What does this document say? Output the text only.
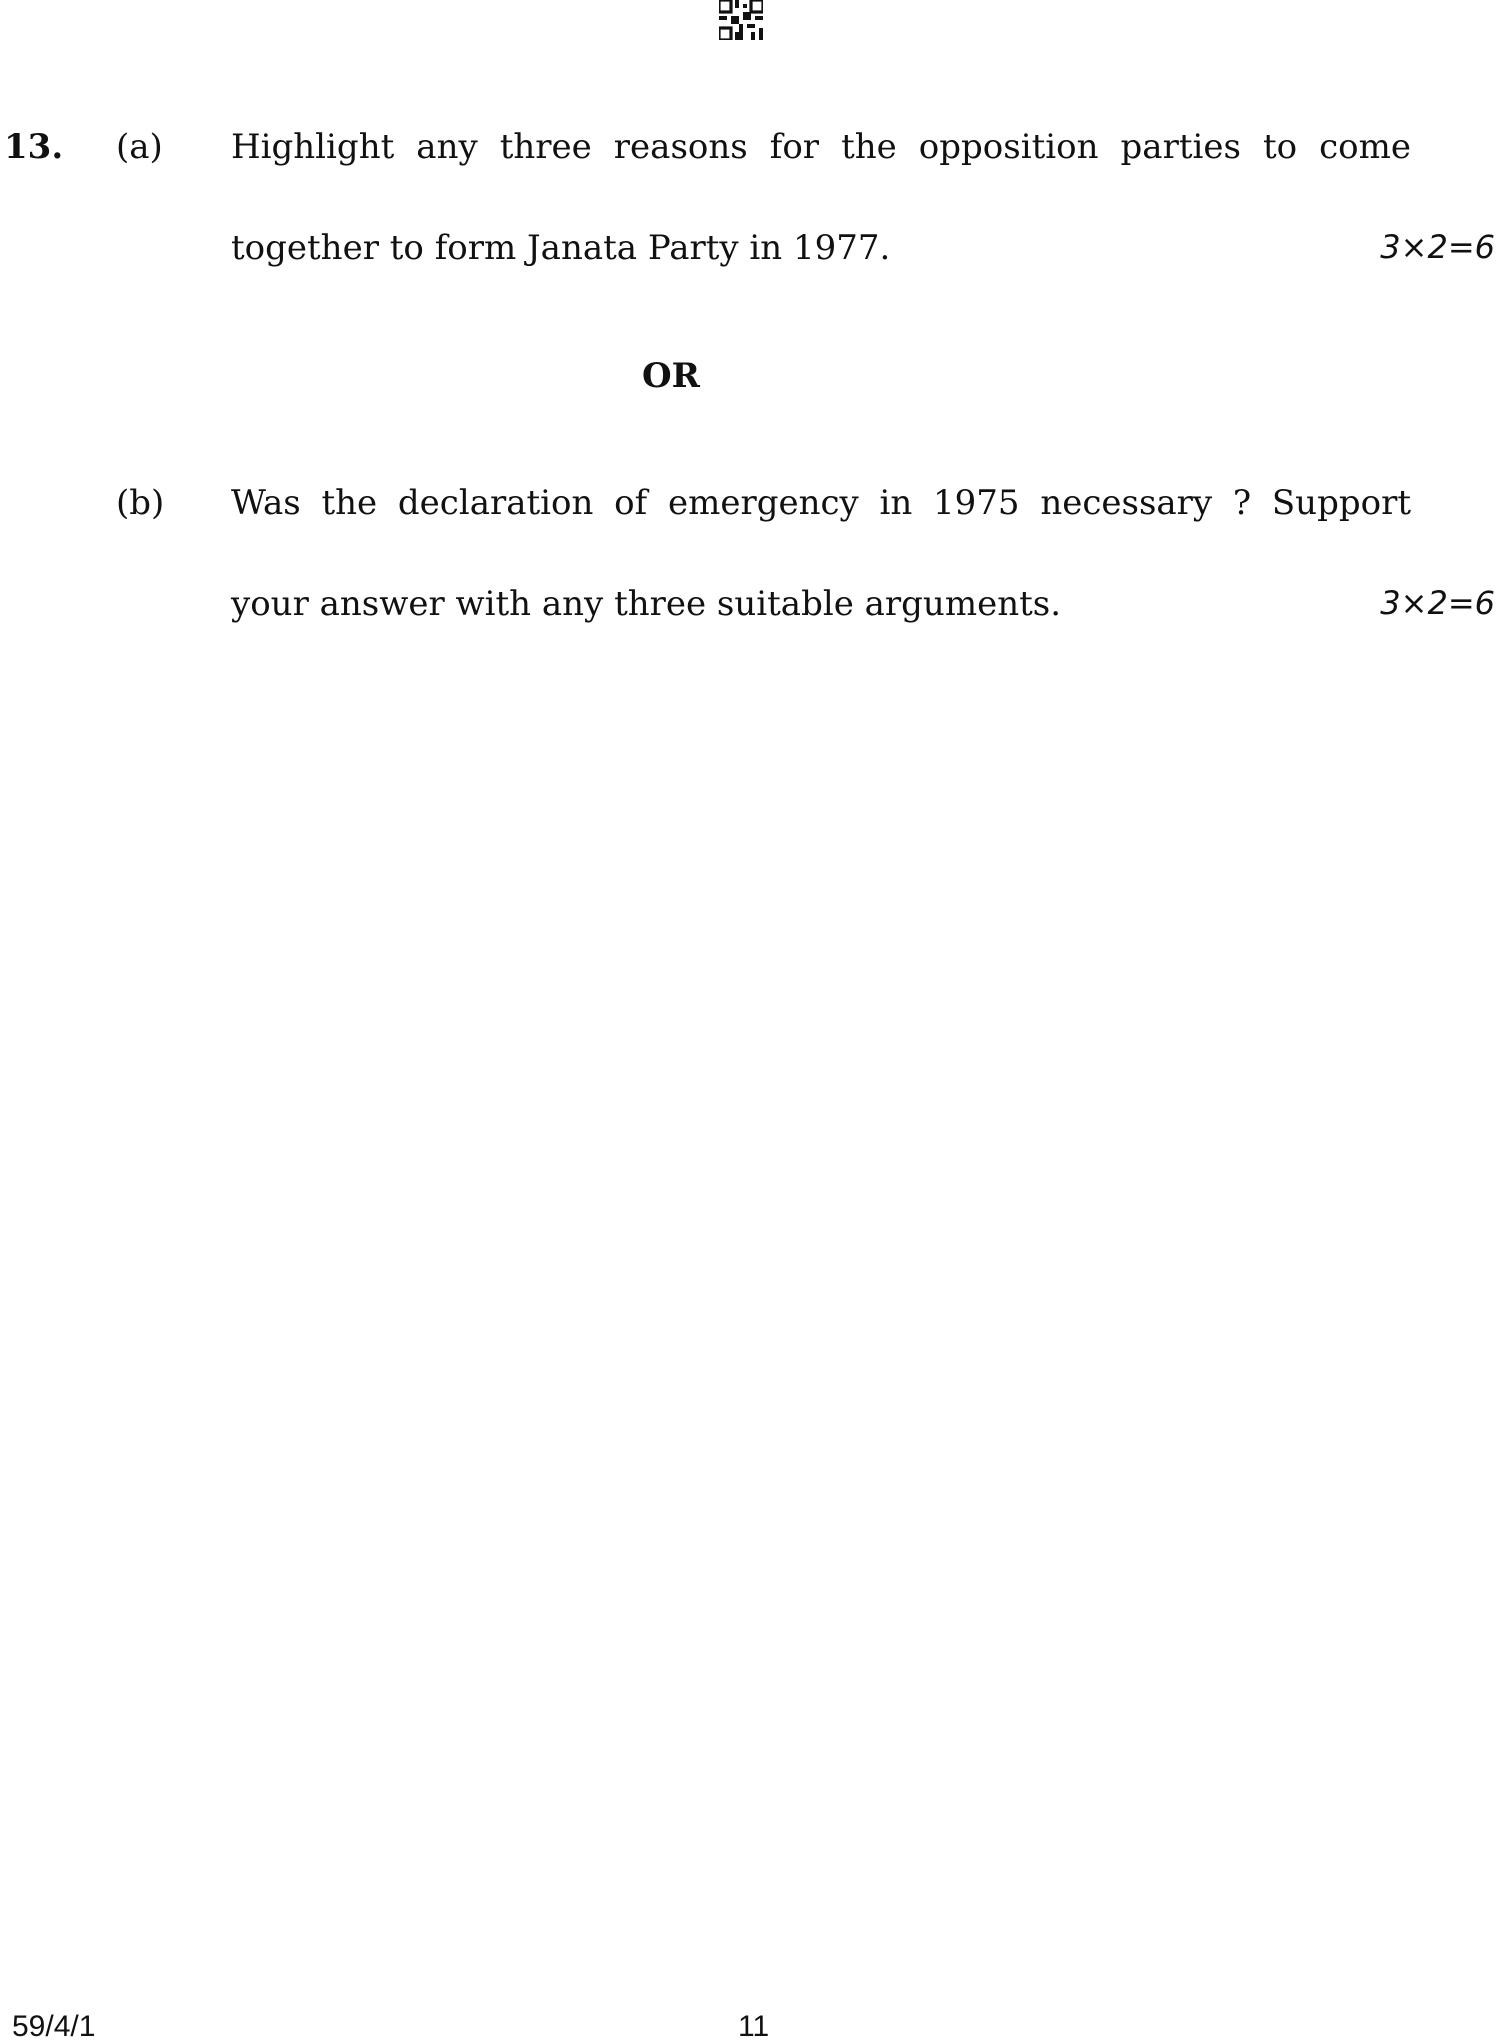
13. (a) Highlight any three reasons for the opposition parties to come
together to form Janata Party in 1977.	3×2=6
OR
(b) Was the declaration of emergency in 1975 necessary ? Support
your answer with any three suitable arguments.	3×2=6
59/4/1	11
